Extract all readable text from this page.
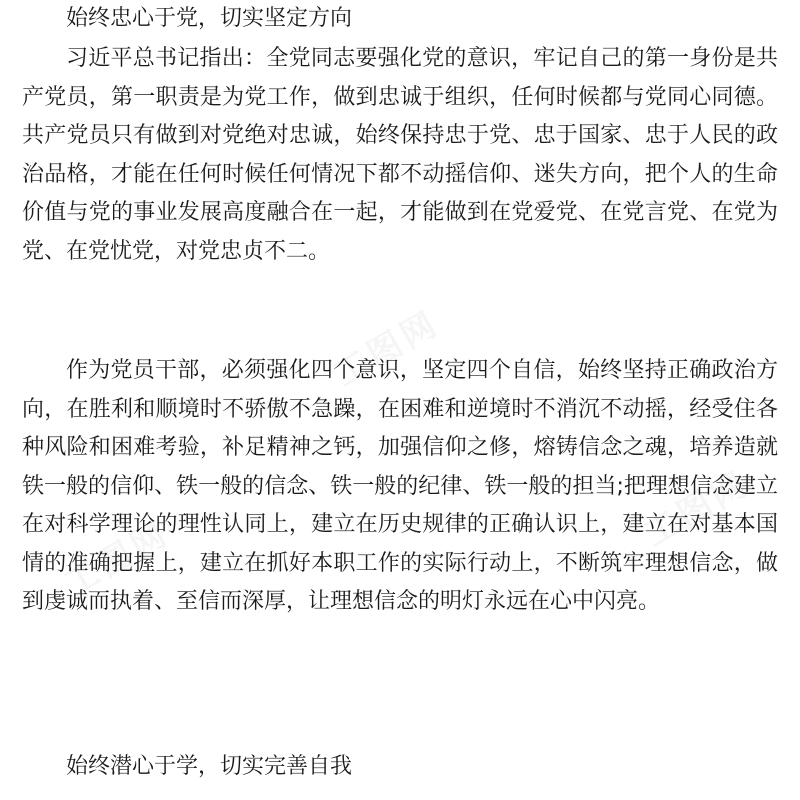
工图网
工图网
工图网
始终忠心于党，切实坚定方向

习近平总书记指出：全党同志要强化党的意识，牢记自己的第一身份是共产党员，第一职责是为党工作，做到忠诚于组织，任何时候都与党同心同德。共产党员只有做到对党绝对忠诚，始终保持忠于党、忠于国家、忠于人民的政治品格，才能在任何时候任何情况下都不动摇信仰、迷失方向，把个人的生命价值与党的事业发展高度融合在一起，才能做到在党爱党、在党言党、在党为党、在党忧党，对党忠贞不二。

作为党员干部，必须强化四个意识，坚定四个自信，始终坚持正确政治方向，在胜利和顺境时不骄傲不急躁，在困难和逆境时不消沉不动摇，经受住各种风险和困难考验，补足精神之钙，加强信仰之修，熔铸信念之魂，培养造就铁一般的信仰、铁一般的信念、铁一般的纪律、铁一般的担当;把理想信念建立在对科学理论的理性认同上，建立在历史规律的正确认识上，建立在对基本国情的准确把握上，建立在抓好本职工作的实际行动上，不断筑牢理想信念，做到虔诚而执着、至信而深厚，让理想信念的明灯永远在心中闪亮。

始终潜心于学，切实完善自我
